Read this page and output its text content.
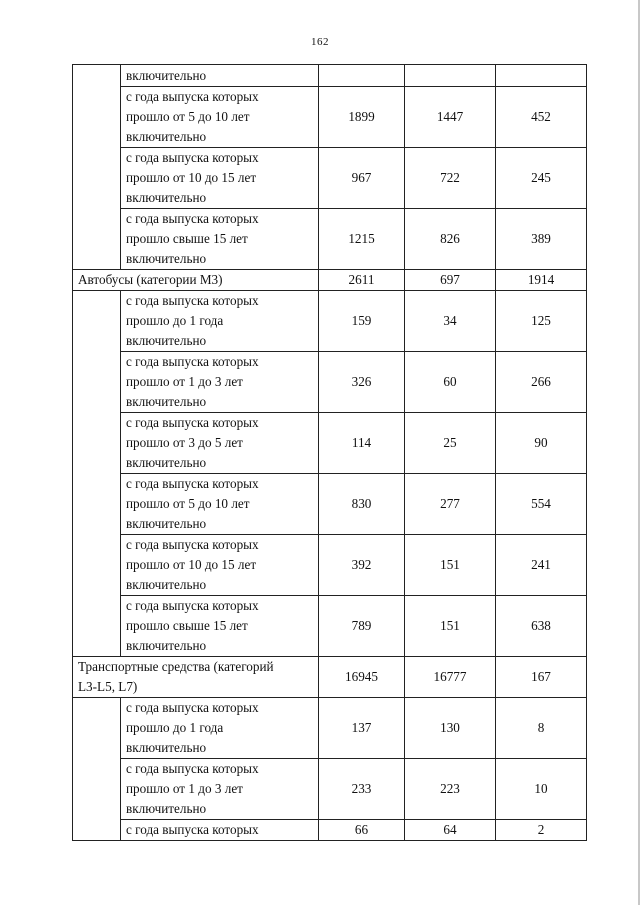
162

	включительно			

	с года выпуска которых
прошло от 5 до 10 лет
включительно	1899	1447	452

	с года выпуска которых
прошло от 10 до 15 лет
включительно	967	722	245

	с года выпуска которых
прошло свыше 15 лет
включительно	1215	826	389

Автобусы (категории М3)		2611	697	1914

	с года выпуска которых
прошло до 1 года
включительно	159	34	125

	с года выпуска которых
прошло от 1 до 3 лет
включительно	326	60	266

	с года выпуска которых
прошло от 3 до 5 лет
включительно	114	25	90

	с года выпуска которых
прошло от 5 до 10 лет
включительно	830	277	554

	с года выпуска которых
прошло от 10 до 15 лет
включительно	392	151	241

	с года выпуска которых
прошло свыше 15 лет
включительно	789	151	638

Транспортные средства (категорий
L3-L5, L7)		16945	16777	167

	с года выпуска которых
прошло до 1 года
включительно	137	130	8

	с года выпуска которых
прошло от 1 до 3 лет
включительно	233	223	10

	с года выпуска которых	66	64	2
